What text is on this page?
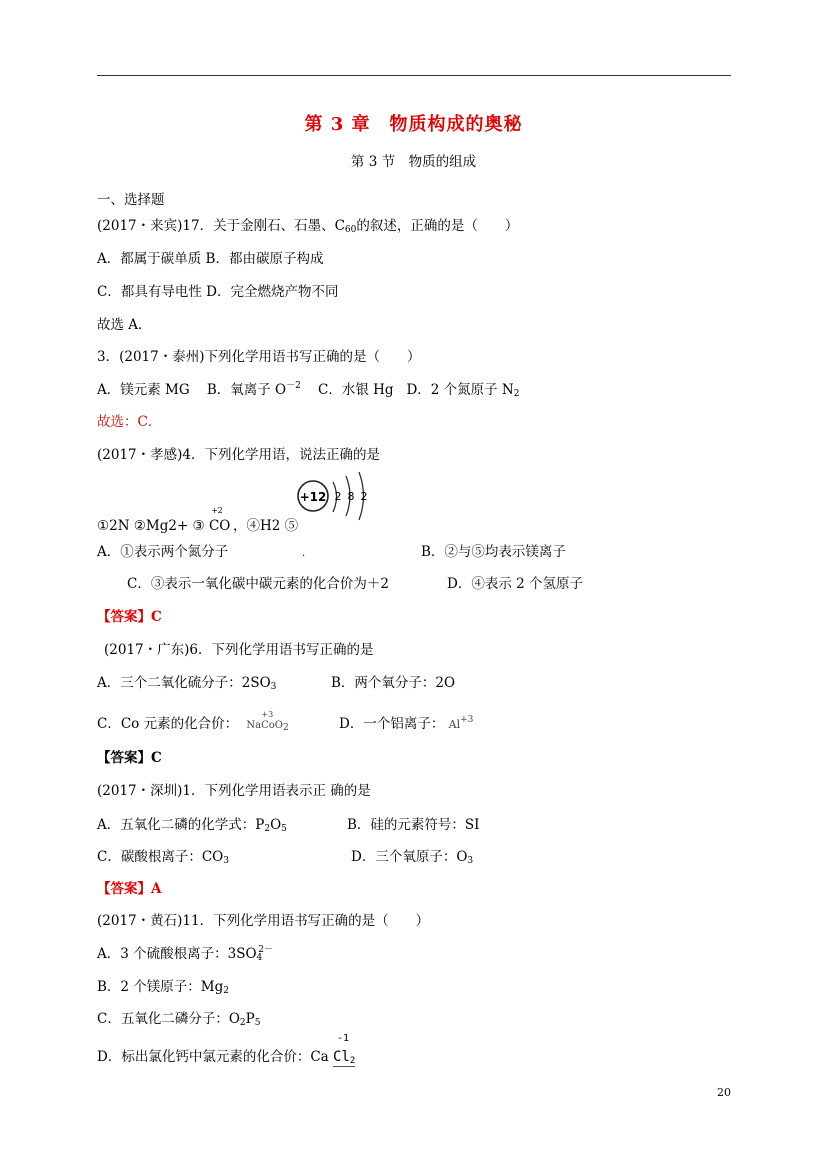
第 3 章　物质构成的奥秘
第 3 节　物质的组成
一、选择题
(2017・来宾)17．关于金刚石、石墨、$C_{60}$的叙述，正确的是（　　）
A．都属于碳单质 B．都由碳原子构成
C．都具有导电性 D．完全燃烧产物不同
故选 A．
3．(2017・泰州)下列化学用语书写正确的是（　　）
A．镁元素 MG B．氧离子 $O^{-2}$ C．水银 Hg D．2 个氮原子 $N_2$
故选：C．
(2017・孝感)4．下列化学用语，说法正确的是
①2N ②Mg2+ ③
+2
CO ，④H2 ⑤
+12 2 8 2
A．①表示两个氮分子	.	B．②与⑤均表示镁离子
C．③表示一氧化碳中碳元素的化合价为＋2	D．④表示 2 个氢原子
【答案】C
(2017・广东)6．下列化学用语书写正确的是
A．三个二氧化硫分子：$2SO_3$	B．两个氧分子：2O
C．Co 元素的化合价：
+3
NaCoO$_2$	D．一个铝离子： $Al^{+3}$
【答案】C
(2017・深圳)1．下列化学用语表示正 确的是
A．五氧化二磷的化学式：$P_2O_5$	B．硅的元素符号：SI
C．碳酸根离子：$CO_3$	D．三个氧原子：$O_3$
【答案】A
(2017・黄石)11．下列化学用语书写正确的是（　　）
A．3 个硫酸根离子：$3SO_4^{2-}$
B．2 个镁原子：$Mg_2$
C．五氧化二磷分子：$O_2P_5$
D．标出氯化钙中氯元素的化合价：Ca
-1
$Cl_2$
20
